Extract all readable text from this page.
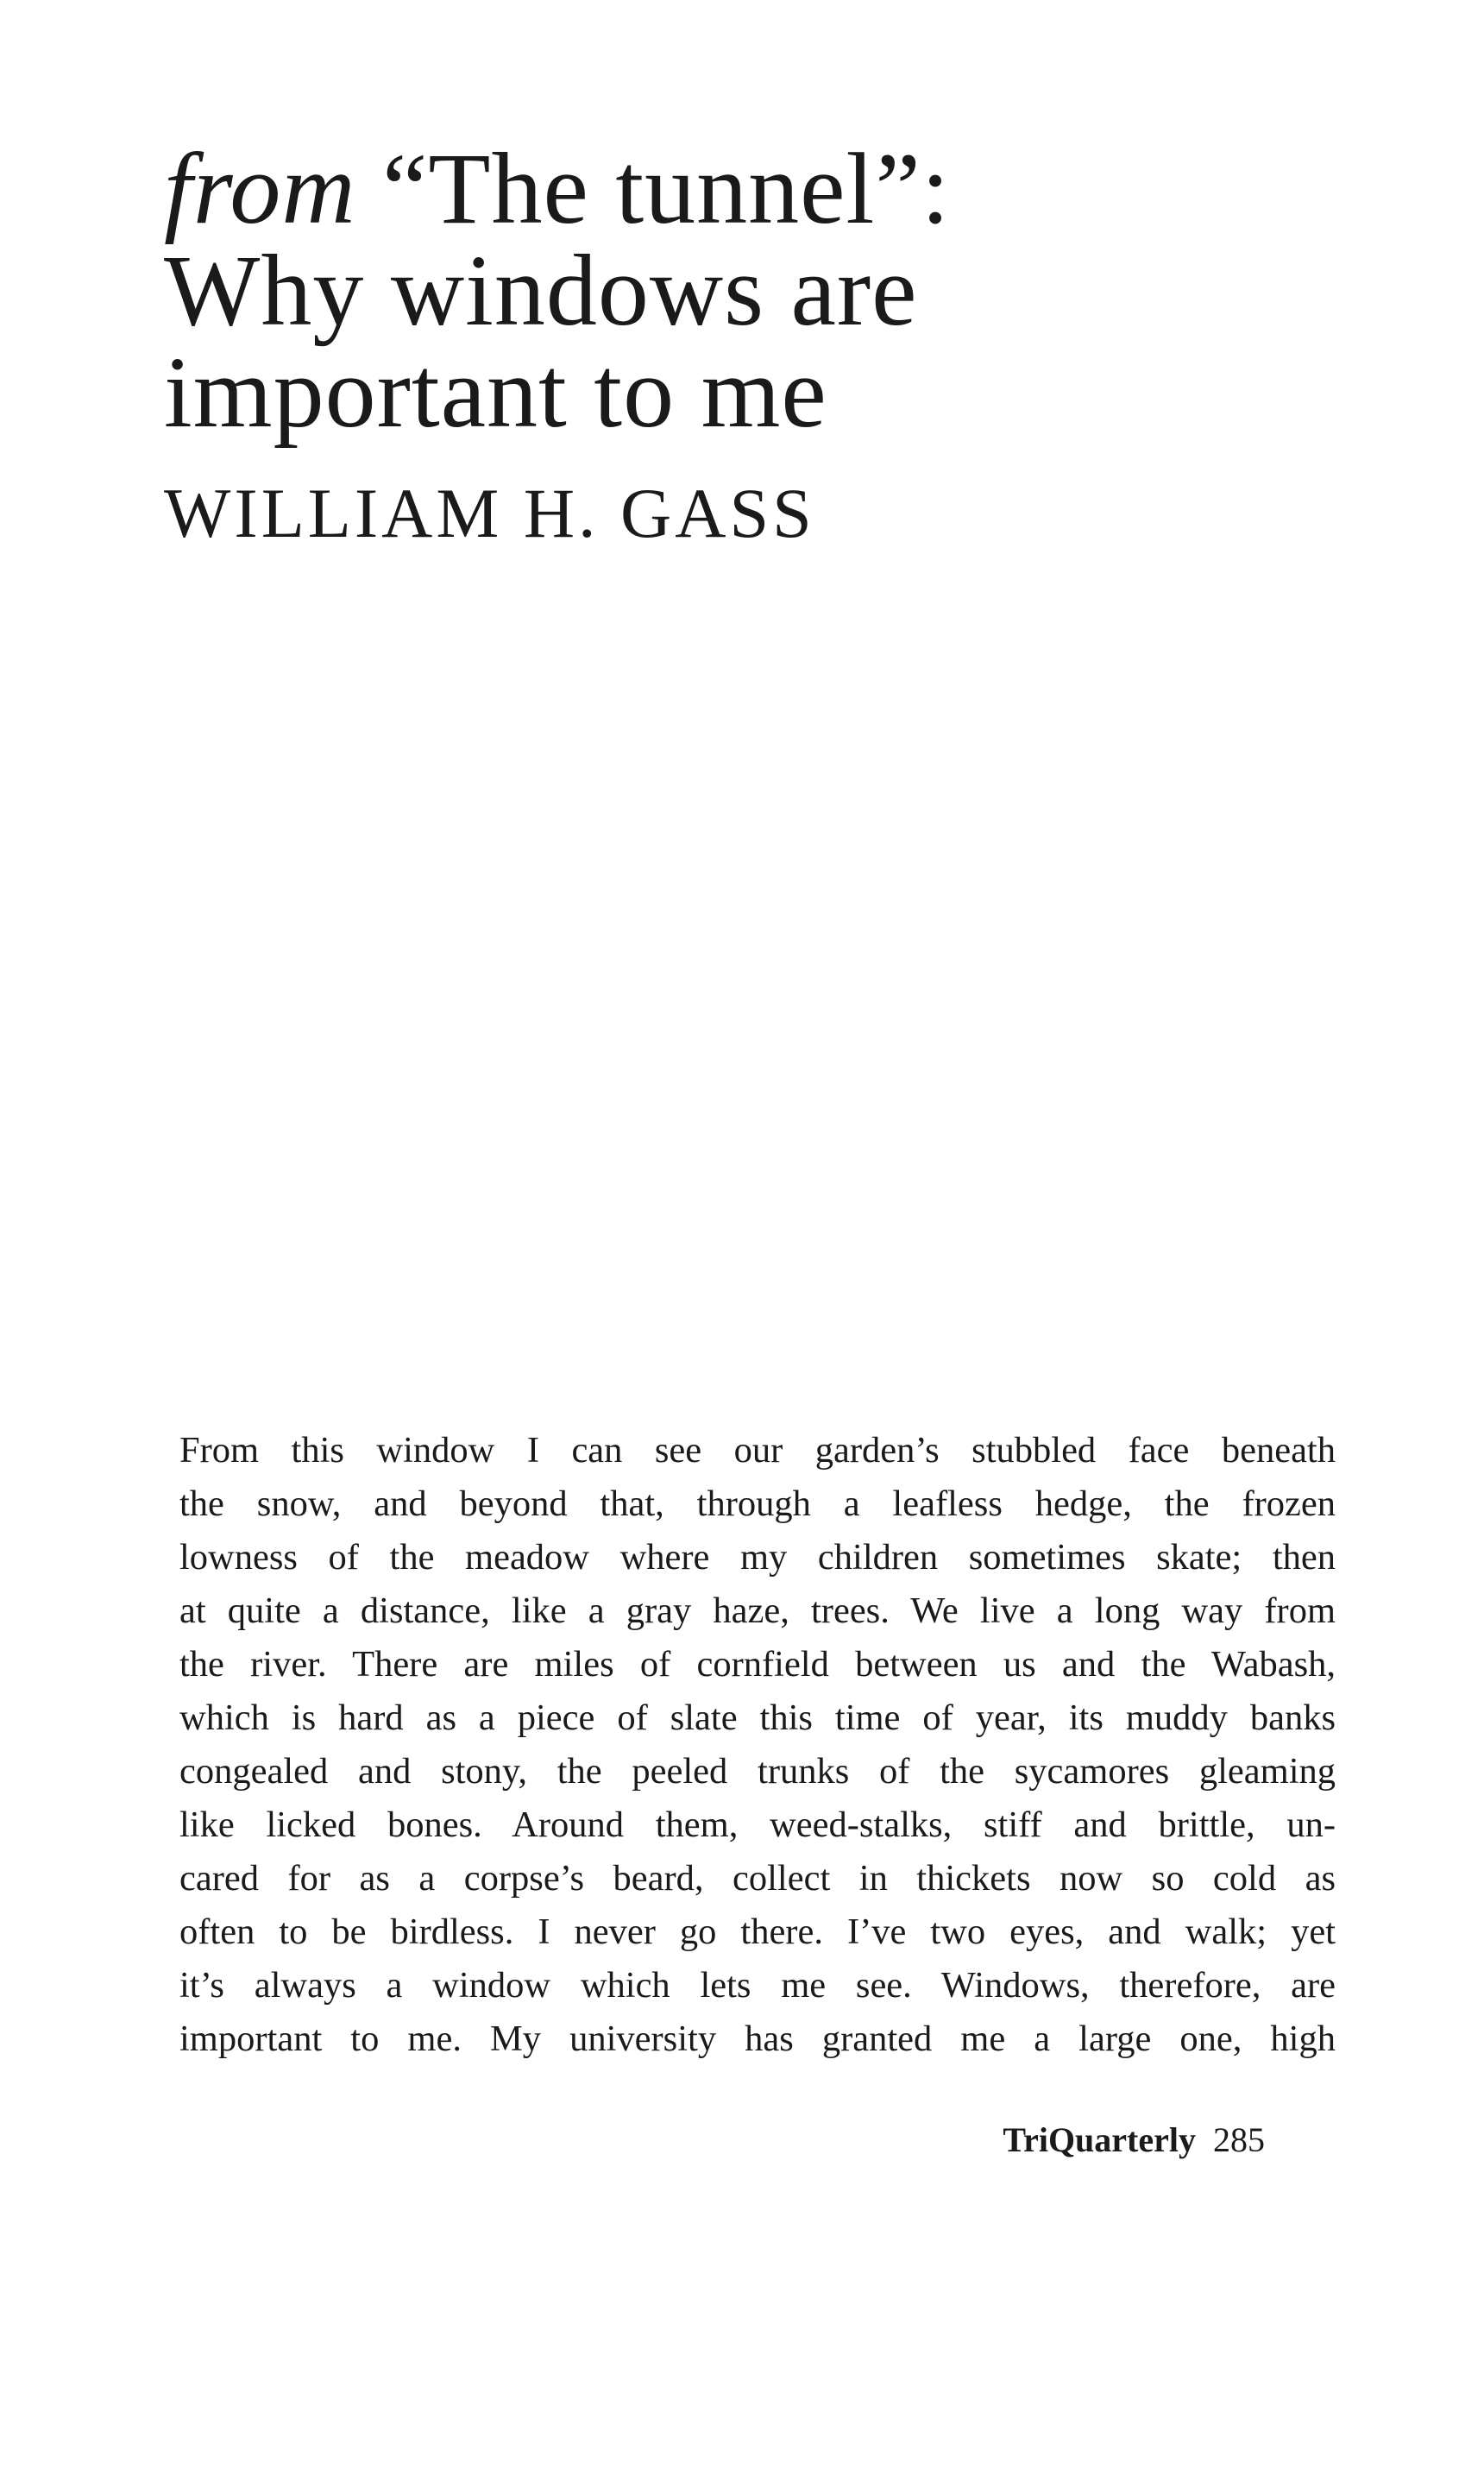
from “The tunnel”:
Why windows are
important to me
WILLIAM H. GASS
From this window I can see our garden’s stubbled face beneath
the snow, and beyond that, through a leafless hedge, the frozen
lowness of the meadow where my children sometimes skate; then
at quite a distance, like a gray haze, trees. We live a long way from
the river. There are miles of cornfield between us and the Wabash,
which is hard as a piece of slate this time of year, its muddy banks
congealed and stony, the peeled trunks of the sycamores gleaming
like licked bones. Around them, weed-stalks, stiff and brittle, un-
cared for as a corpse’s beard, collect in thickets now so cold as
often to be birdless. I never go there. I’ve two eyes, and walk; yet
it’s always a window which lets me see. Windows, therefore, are
important to me. My university has granted me a large one, high
TriQuarterly 285
